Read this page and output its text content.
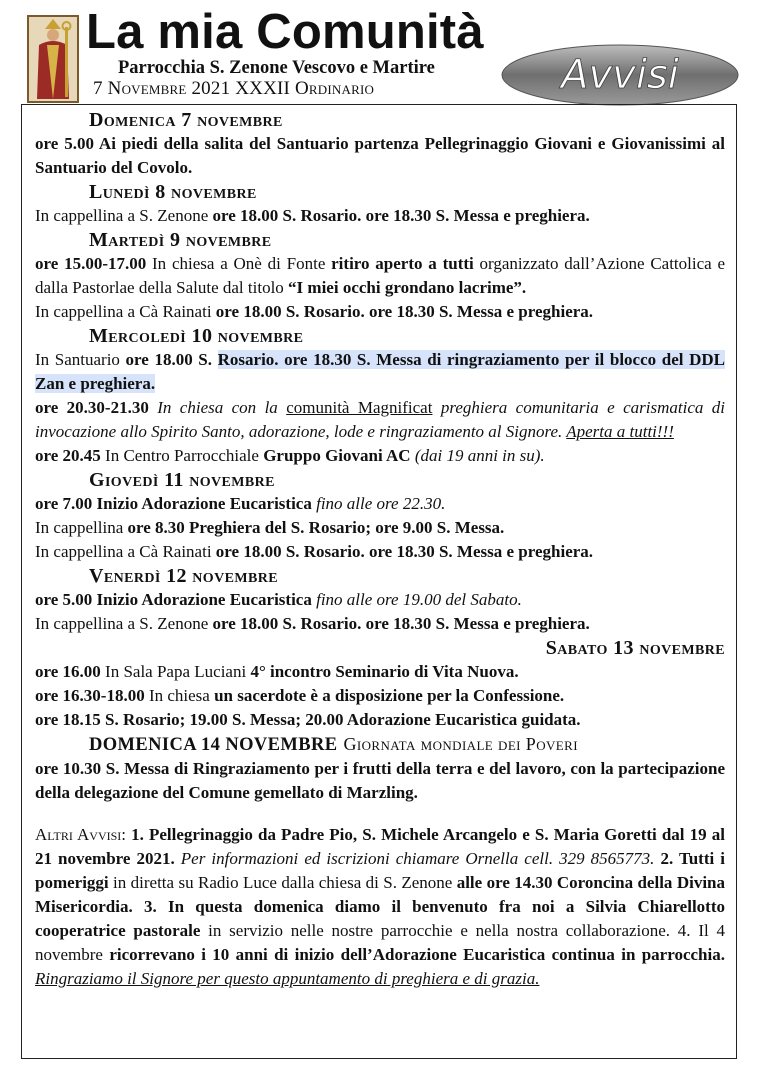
La mia Comunità
Parrocchia S. Zenone Vescovo e Martire
7 Novembre 2021 XXXII Ordinario	Avvisi

Domenica 7 novembre

ore 5.00 Ai piedi della salita del Santuario partenza Pellegrinaggio Giovani e Giovanissimi al Santuario del Covolo.

Lunedì 8 novembre

In cappellina a S. Zenone ore 18.00 S. Rosario. ore 18.30 S. Messa e preghiera.

Martedì 9 novembre

ore 15.00-17.00 In chiesa a Onè di Fonte ritiro aperto a tutti organizzato dall’Azione Cattolica e dalla Pastorlae della Salute dal titolo “I miei occhi grondano lacrime”.

In cappellina a Cà Rainati ore 18.00 S. Rosario. ore 18.30 S. Messa e preghiera.

Mercoledì 10 novembre

In Santuario ore 18.00 S. Rosario. ore 18.30 S. Messa di ringraziamento per il blocco del DDL Zan e preghiera.

ore 20.30-21.30 In chiesa con la comunità Magnificat preghiera comunitaria e carismatica di invocazione allo Spirito Santo, adorazione, lode e ringraziamento al Signore. Aperta a tutti!!!

ore 20.45 In Centro Parrocchiale Gruppo Giovani AC (dai 19 anni in su).

Giovedì 11 novembre

ore 7.00 Inizio Adorazione Eucaristica fino alle ore 22.30.

In cappellina ore 8.30 Preghiera del S. Rosario; ore 9.00 S. Messa.

In cappellina a Cà Rainati ore 18.00 S. Rosario. ore 18.30 S. Messa e preghiera.

Venerdì 12 novembre

ore 5.00 Inizio Adorazione Eucaristica fino alle ore 19.00 del Sabato.

In cappellina a S. Zenone ore 18.00 S. Rosario. ore 18.30 S. Messa e preghiera.

Sabato 13 novembre

ore 16.00 In Sala Papa Luciani 4° incontro Seminario di Vita Nuova.

ore 16.30-18.00 In chiesa un sacerdote è a disposizione per la Confessione.

ore 18.15 S. Rosario; 19.00 S. Messa; 20.00 Adorazione Eucaristica guidata.

DOMENICA 14 NOVEMBRE Giornata mondiale dei Poveri

ore 10.30 S. Messa di Ringraziamento per i frutti della terra e del lavoro, con la partecipazione della delegazione del Comune gemellato di Marzling.

Altri Avvisi: 1. Pellegrinaggio da Padre Pio, S. Michele Arcangelo e S. Maria Goretti dal 19 al 21 novembre 2021. Per informazioni ed iscrizioni chiamare Ornella cell. 329 8565773. 2. Tutti i pomeriggi in diretta su Radio Luce dalla chiesa di S. Zenone alle ore 14.30 Coroncina della Divina Misericordia. 3. In questa domenica diamo il benvenuto fra noi a Silvia Chiarellotto cooperatrice pastorale in servizio nelle nostre parrocchie e nella nostra collaborazione. 4. Il 4 novembre ricorrevano i 10 anni di inizio dell’Adorazione Eucaristica continua in parrocchia. Ringraziamo il Signore per questo appuntamento di preghiera e di grazia.
